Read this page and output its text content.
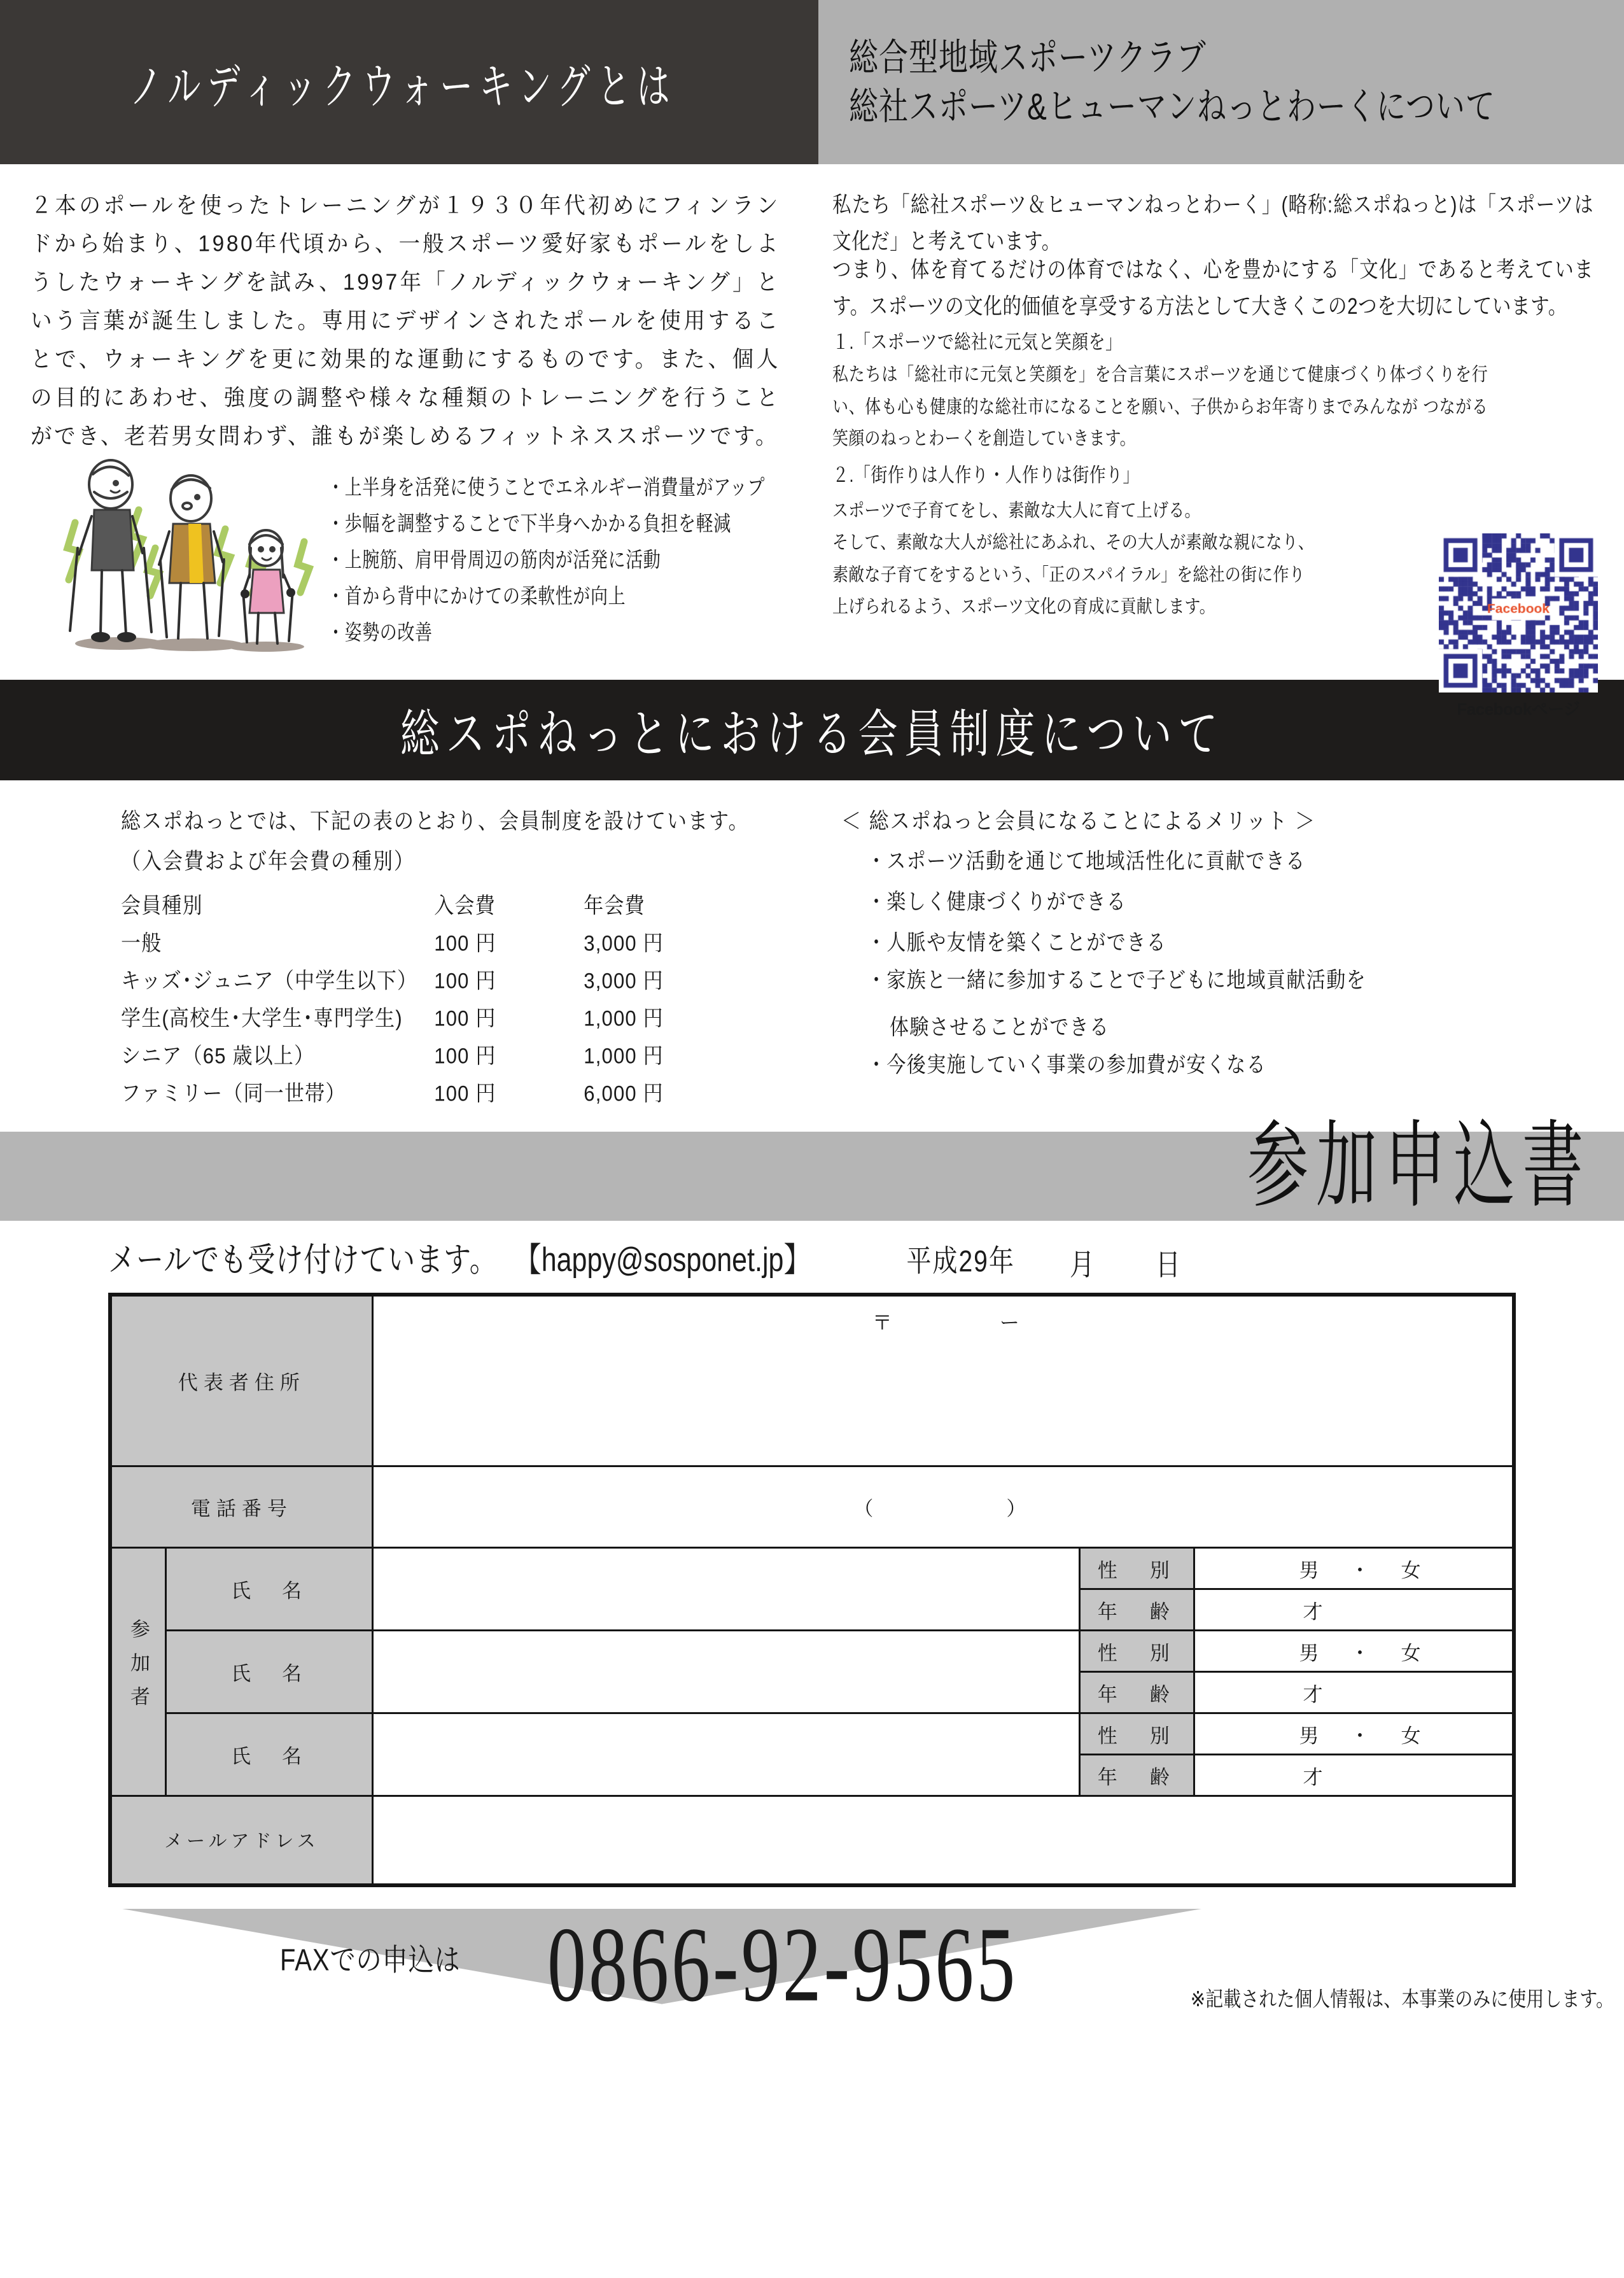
ノルディックウォーキングとは
総合型地域スポーツクラブ
総社スポーツ&ヒューマンねっとわーくについて
２本のポールを使ったトレーニングが１９３０年代初めにフィンランドから始まり、1980年代頃から、一般スポーツ愛好家もポールをしようしたウォーキングを試み、1997年「ノルディックウォーキング」という言葉が誕生しました。専用にデザインされたポールを使用することで、ウォーキングを更に効果的な運動にするものです。また、個人の目的にあわせ、強度の調整や様々な種類のトレーニングを行うことができ、老若男女問わず、誰もが楽しめるフィットネススポーツです。
・上半身を活発に使うことでエネルギー消費量がアップ
・歩幅を調整することで下半身へかかる負担を軽減
・上腕筋、肩甲骨周辺の筋肉が活発に活動
・首から背中にかけての柔軟性が向上
・姿勢の改善
私たち「総社スポーツ＆ヒューマンねっとわーく」(略称:総スポねっと)は「スポーツは文化だ」と考えています。
つまり、体を育てるだけの体育ではなく、心を豊かにする「文化」であると考えています。スポーツの文化的価値を享受する方法として大きくこの2つを大切にしています。
１.「スポーツで総社に元気と笑顔を」
私たちは「総社市に元気と笑顔を」を合言葉にスポーツを通じて健康づくり体づくりを行い、体も心も健康的な総社市になることを願い、子供からお年寄りまでみんなが つながる笑顔のねっとわーくを創造していきます。
２.「街作りは人作り・人作りは街作り」
スポーツで子育てをし、素敵な大人に育て上げる。
そして、素敵な大人が総社にあふれ、その大人が素敵な親になり、
素敵な子育てをするという、「正のスパイラル」を総社の街に作り
上げられるよう、スポーツ文化の育成に貢献します。
Facebookページ
総スポねっとにおける会員制度について
総スポねっとでは、下記の表のとおり、会員制度を設けています。
（入会費および年会費の種別）
会員種別	入会費	年会費
一般	100 円	3,000 円
キッズ･ジュニア（中学生以下）	100 円	3,000 円
学生(高校生･大学生･専門学生)	100 円	1,000 円
シニア（65 歳以上）	100 円	1,000 円
ファミリー（同一世帯）	100 円	6,000 円
＜ 総スポねっと会員になることによるメリット ＞
・スポーツ活動を通じて地域活性化に貢献できる
・楽しく健康づくりができる
・人脈や友情を築くことができる
・家族と一緒に参加することで子どもに地域貢献活動を
体験させることができる
・今後実施していく事業の参加費が安くなる
参加申込書
メールでも受け付けています。 【happy@sosponet.jp】	平成29年 月 日
代表者住所		〒　　　　ー		
電話番号		（　　　　　）		
参加者	氏　名		性　別	男　・　女
			年　齢	才
	氏　名		性　別	男　・　女
			年　齢	才
	氏　名		性　別	男　・　女
			年　齢	才
メールアドレス				
FAXでの申込は 0866-92-9565	※記載された個人情報は、本事業のみに使用します。
